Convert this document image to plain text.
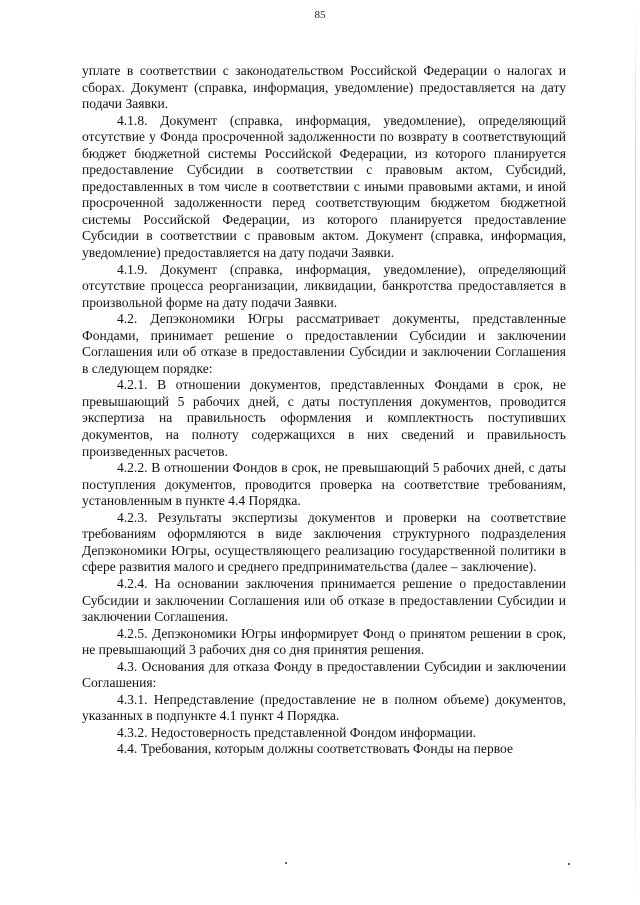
85

уплате в соответствии с законодательством Российской Федерации о налогах и сборах. Документ (справка, информация, уведомление) предоставляется на дату подачи Заявки.

4.1.8. Документ (справка, информация, уведомление), определяющий отсутствие у Фонда просроченной задолженности по возврату в соответствующий бюджет бюджетной системы Российской Федерации, из которого планируется предоставление Субсидии в соответствии с правовым актом, Субсидий, предоставленных в том числе в соответствии с иными правовыми актами, и иной просроченной задолженности перед соответствующим бюджетом бюджетной системы Российской Федерации, из которого планируется предоставление Субсидии в соответствии с правовым актом. Документ (справка, информация, уведомление) предоставляется на дату подачи Заявки.

4.1.9. Документ (справка, информация, уведомление), определяющий отсутствие процесса реорганизации, ликвидации, банкротства предоставляется в произвольной форме на дату подачи Заявки.

4.2. Депэкономики Югры рассматривает документы, представленные Фондами, принимает решение о предоставлении Субсидии и заключении Соглашения или об отказе в предоставлении Субсидии и заключении Соглашения в следующем порядке:

4.2.1. В отношении документов, представленных Фондами в срок, не превышающий 5 рабочих дней, с даты поступления документов, проводится экспертиза на правильность оформления и комплектность поступивших документов, на полноту содержащихся в них сведений и правильность произведенных расчетов.

4.2.2. В отношении Фондов в срок, не превышающий 5 рабочих дней, с даты поступления документов, проводится проверка на соответствие требованиям, установленным в пункте 4.4 Порядка.

4.2.3. Результаты экспертизы документов и проверки на соответствие требованиям оформляются в виде заключения структурного подразделения Депэкономики Югры, осуществляющего реализацию государственной политики в сфере развития малого и среднего предпринимательства (далее – заключение).

4.2.4. На основании заключения принимается решение о предоставлении Субсидии и заключении Соглашения или об отказе в предоставлении Субсидии и заключении Соглашения.

4.2.5. Депэкономики Югры информирует Фонд о принятом решении в срок, не превышающий 3 рабочих дня со дня принятия решения.

4.3. Основания для отказа Фонду в предоставлении Субсидии и заключении Соглашения:

4.3.1. Непредставление (предоставление не в полном объеме) документов, указанных в подпункте 4.1 пункт 4 Порядка.

4.3.2. Недостоверность представленной Фондом информации.

4.4. Требования, которым должны соответствовать Фонды на первое
